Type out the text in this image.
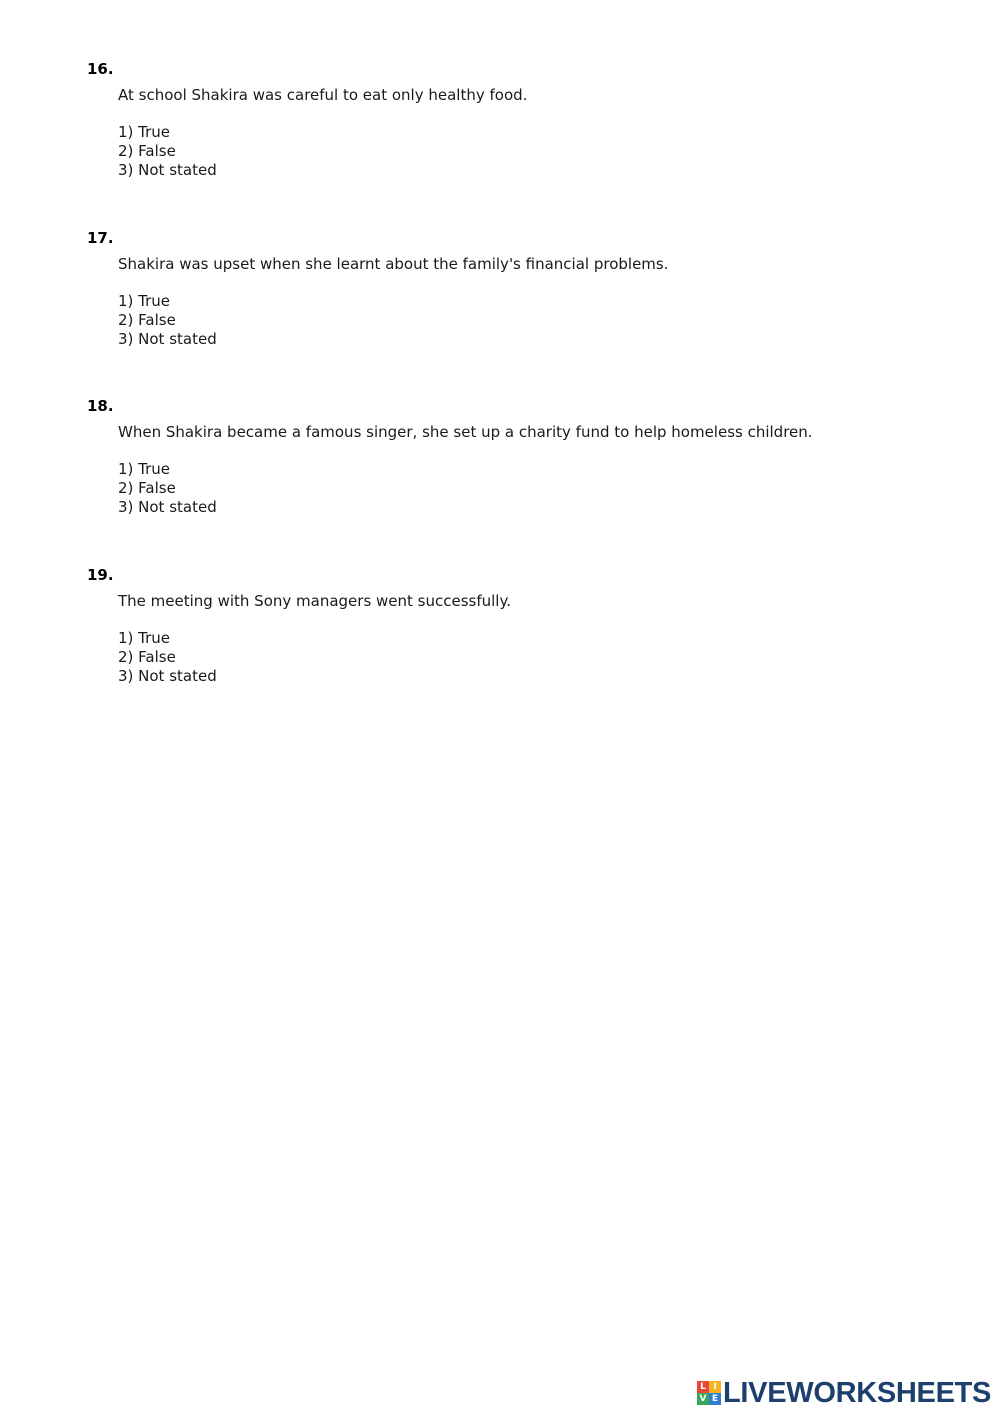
16.
At school Shakira was careful to eat only healthy food.
1) True
2) False
3) Not stated
17.
Shakira was upset when she learnt about the family's financial problems.
1) True
2) False
3) Not stated
18.
When Shakira became a famous singer, she set up a charity fund to help homeless children.
1) True
2) False
3) Not stated
19.
The meeting with Sony managers went successfully.
1) True
2) False
3) Not stated
L I
V E LIVEWORKSHEETS
